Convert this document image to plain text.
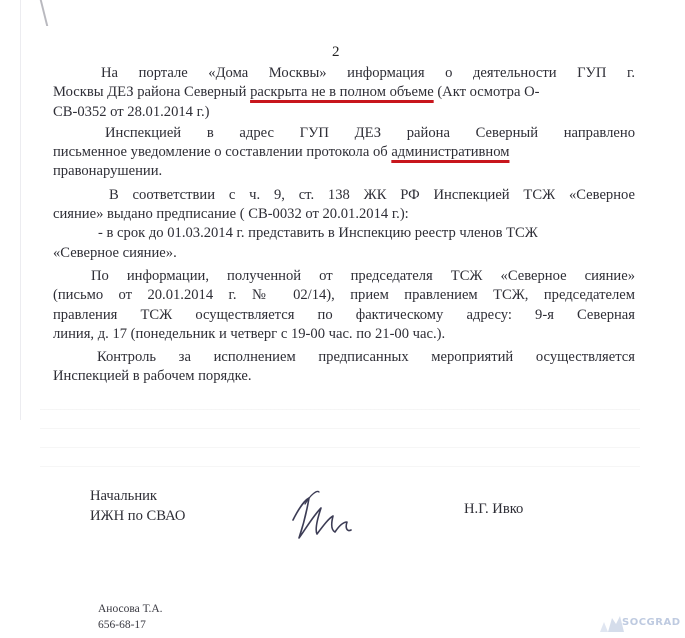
2
На порталe «Дома Москвы» информация о деятельности ГУП г.
Москвы ДЕЗ района Северный раскрыта не в полном объеме (Акт осмотра О-
СВ-0352 от 28.01.2014 г.)
Инспекцией в адрес ГУП ДЕЗ района Северный направлено
письменное уведомление о составлении протокола об административном
правонарушении.
В соответствии с ч. 9, ст. 138 ЖК РФ Инспекцией ТСЖ «Северное
сияние» выдано предписание ( СВ-0032 от 20.01.2014 г.):
- в срок до 01.03.2014 г. представить в Инспекцию реестр членов ТСЖ
«Северное сияние».
По информации, полученной от председателя ТСЖ «Северное сияние»
(письмо от 20.01.2014 г. № 02/14), прием правлением ТСЖ, председателем
правления ТСЖ осуществляется по фактическому адресу: 9-я Северная
линия, д. 17 (понедельник и четверг с 19-00 час. по 21-00 час.).
Контроль за исполнением предписанных мероприятий осуществляется
Инспекцией в рабочем порядке.
Начальник
ИЖН по СВАО	Н.Г. Ивко
Аносова Т.А.
656-68-17	SOCGRAD
